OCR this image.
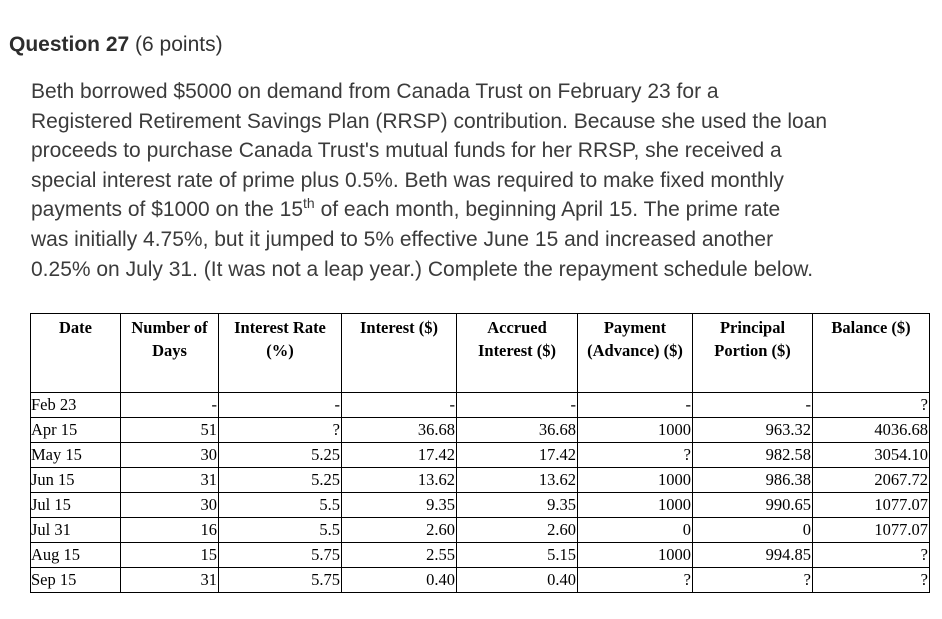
Question 27 (6 points)

Beth borrowed $5000 on demand from Canada Trust on February 23 for a

Registered Retirement Savings Plan (RRSP) contribution. Because she used the loan

proceeds to purchase Canada Trust's mutual funds for her RRSP, she received a

special interest rate of prime plus 0.5%. Beth was required to make fixed monthly

payments of $1000 on the 15th of each month, beginning April 15. The prime rate

was initially 4.75%, but it jumped to 5% effective June 15 and increased another

0.25% on July 31. (It was not a leap year.) Complete the repayment schedule below.

Date	Number of Days	Interest Rate (%)	Interest ($)	Accrued Interest ($)	Payment (Advance) ($)	Principal Portion ($)	Balance ($)
Feb 23	-	-	-	-	-	-	?
Apr 15	51	?	36.68	36.68	1000	963.32	4036.68
May 15	30	5.25	17.42	17.42	?	982.58	3054.10
Jun 15	31	5.25	13.62	13.62	1000	986.38	2067.72
Jul 15	30	5.5	9.35	9.35	1000	990.65	1077.07
Jul 31	16	5.5	2.60	2.60	0	0	1077.07
Aug 15	15	5.75	2.55	5.15	1000	994.85	?
Sep 15	31	5.75	0.40	0.40	?	?	?
